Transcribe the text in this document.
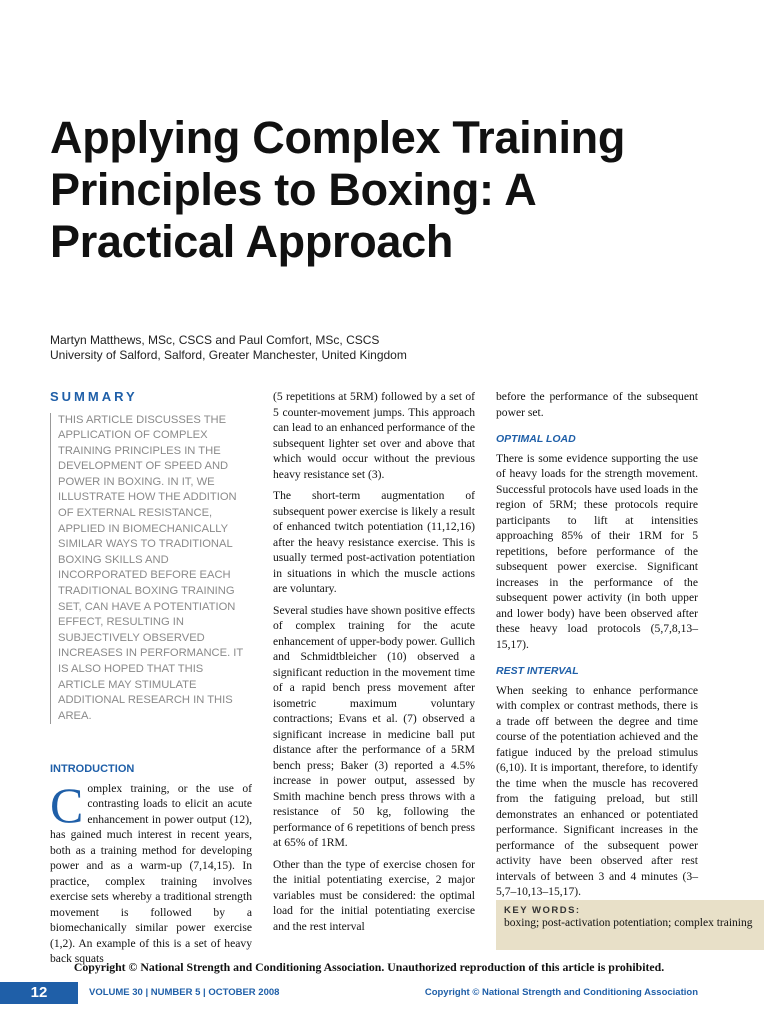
Applying Complex Training Principles to Boxing: A Practical Approach
Martyn Matthews, MSc, CSCS and Paul Comfort, MSc, CSCS
University of Salford, Salford, Greater Manchester, United Kingdom
SUMMARY
THIS ARTICLE DISCUSSES THE APPLICATION OF COMPLEX TRAINING PRINCIPLES IN THE DEVELOPMENT OF SPEED AND POWER IN BOXING. IN IT, WE ILLUSTRATE HOW THE ADDITION OF EXTERNAL RESISTANCE, APPLIED IN BIOMECHANICALLY SIMILAR WAYS TO TRADITIONAL BOXING SKILLS AND INCORPORATED BEFORE EACH TRADITIONAL BOXING TRAINING SET, CAN HAVE A POTENTIATION EFFECT, RESULTING IN SUBJECTIVELY OBSERVED INCREASES IN PERFORMANCE. IT IS ALSO HOPED THAT THIS ARTICLE MAY STIMULATE ADDITIONAL RESEARCH IN THIS AREA.
INTRODUCTION

Complex training, or the use of contrasting loads to elicit an acute enhancement in power output (12), has gained much interest in recent years, both as a training method for developing power and as a warm-up (7,14,15). In practice, complex training involves exercise sets whereby a traditional strength movement is followed by a biomechanically similar power exercise (1,2). An example of this is a set of heavy back squats

(5 repetitions at 5RM) followed by a set of 5 counter-movement jumps. This approach can lead to an enhanced performance of the subsequent lighter set over and above that which would occur without the previous heavy resistance set (3).

The short-term augmentation of subsequent power exercise is likely a result of enhanced twitch potentiation (11,12,16) after the heavy resistance exercise. This is usually termed post-activation potentiation in situations in which the muscle actions are voluntary.

Several studies have shown positive effects of complex training for the acute enhancement of upper-body power. Gullich and Schmidtbleicher (10) observed a significant reduction in the movement time of a rapid bench press movement after isometric maximum voluntary contractions; Evans et al. (7) observed a significant increase in medicine ball put distance after the performance of a 5RM bench press; Baker (3) reported a 4.5% increase in power output, assessed by Smith machine bench press throws with a resistance of 50 kg, following the performance of 6 repetitions of bench press at 65% of 1RM.

Other than the type of exercise chosen for the initial potentiating exercise, 2 major variables must be considered: the optimal load for the initial potentiating exercise and the rest interval

before the performance of the subsequent power set.

OPTIMAL LOAD

There is some evidence supporting the use of heavy loads for the strength movement. Successful protocols have used loads in the region of 5RM; these protocols require participants to lift at intensities approaching 85% of their 1RM for 5 repetitions, before performance of the subsequent power exercise. Significant increases in the performance of the subsequent power activity (in both upper and lower body) have been observed after these heavy load protocols (5,7,8,13–15,17).

REST INTERVAL

When seeking to enhance performance with complex or contrast methods, there is a trade off between the degree and time course of the potentiation achieved and the fatigue induced by the preload stimulus (6,10). It is important, therefore, to identify the time when the muscle has recovered from the fatiguing preload, but still demonstrates an enhanced or potentiated performance. Significant increases in the performance of the subsequent power activity have been observed after rest intervals of between 3 and 4 minutes (3–5,7–10,13–15,17).

KEY WORDS:
boxing; post-activation potentiation; complex training
Copyright © National Strength and Conditioning Association. Unauthorized reproduction of this article is prohibited.
12	VOLUME 30 | NUMBER 5 | OCTOBER 2008	Copyright © National Strength and Conditioning Association
